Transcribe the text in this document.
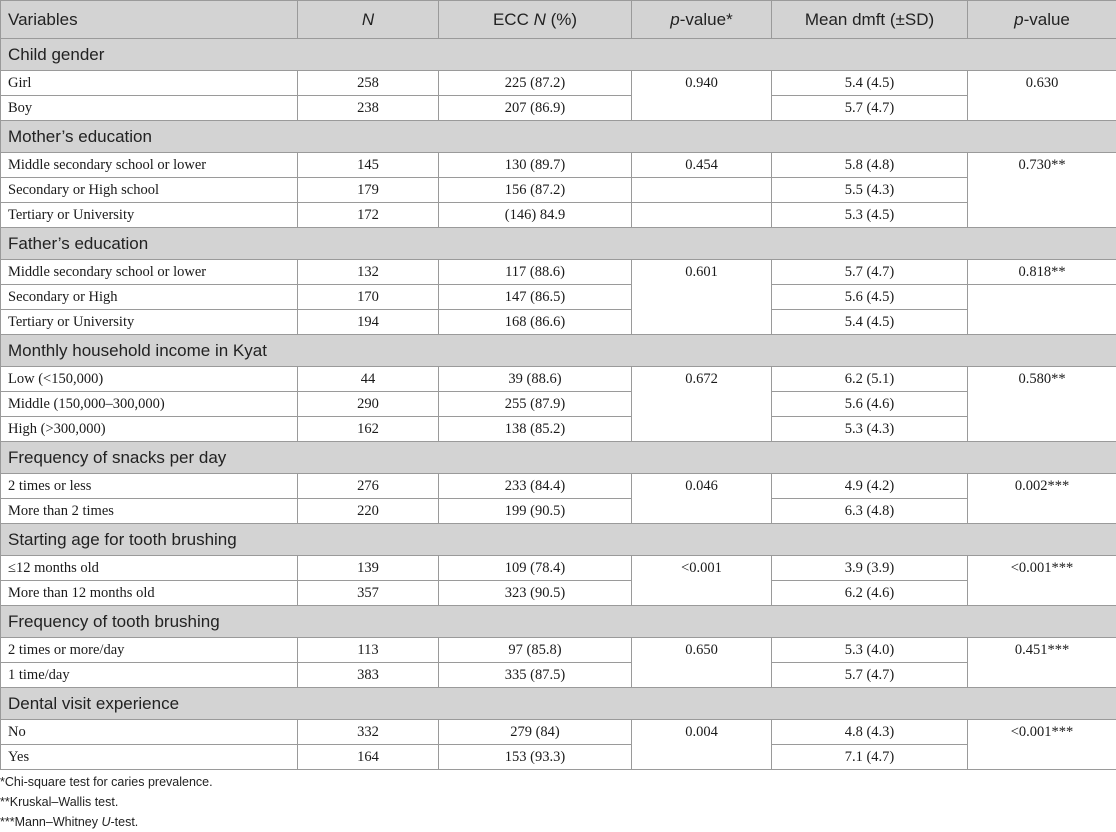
Variables	N	ECC N (%)	p-value*	Mean dmft (±SD)	p-value
Child gender					
Girl	258	225 (87.2)	0.940	5.4 (4.5)	0.630
Boy	238	207 (86.9)		5.7 (4.7)	
Mother’s education					
Middle secondary school or lower	145	130 (89.7)	0.454	5.8 (4.8)	0.730**
Secondary or High school	179	156 (87.2)		5.5 (4.3)	
Tertiary or University	172	(146) 84.9		5.3 (4.5)	
Father’s education					
Middle secondary school or lower	132	117 (88.6)	0.601	5.7 (4.7)	0.818**
Secondary or High	170	147 (86.5)		5.6 (4.5)	
Tertiary or University	194	168 (86.6)		5.4 (4.5)	
Monthly household income in Kyat					
Low (<150,000)	44	39 (88.6)	0.672	6.2 (5.1)	0.580**
Middle (150,000–300,000)	290	255 (87.9)		5.6 (4.6)	
High (>300,000)	162	138 (85.2)		5.3 (4.3)	
Frequency of snacks per day					
2 times or less	276	233 (84.4)	0.046	4.9 (4.2)	0.002***
More than 2 times	220	199 (90.5)		6.3 (4.8)	
Starting age for tooth brushing					
≤12 months old	139	109 (78.4)	<0.001	3.9 (3.9)	<0.001***
More than 12 months old	357	323 (90.5)		6.2 (4.6)	
Frequency of tooth brushing					
2 times or more/day	113	97 (85.8)	0.650	5.3 (4.0)	0.451***
1 time/day	383	335 (87.5)		5.7 (4.7)	
Dental visit experience					
No	332	279 (84)	0.004	4.8 (4.3)	<0.001***
Yes	164	153 (93.3)		7.1 (4.7)	
*Chi-square test for caries prevalence.
**Kruskal–Wallis test.
***Mann–Whitney U-test.
